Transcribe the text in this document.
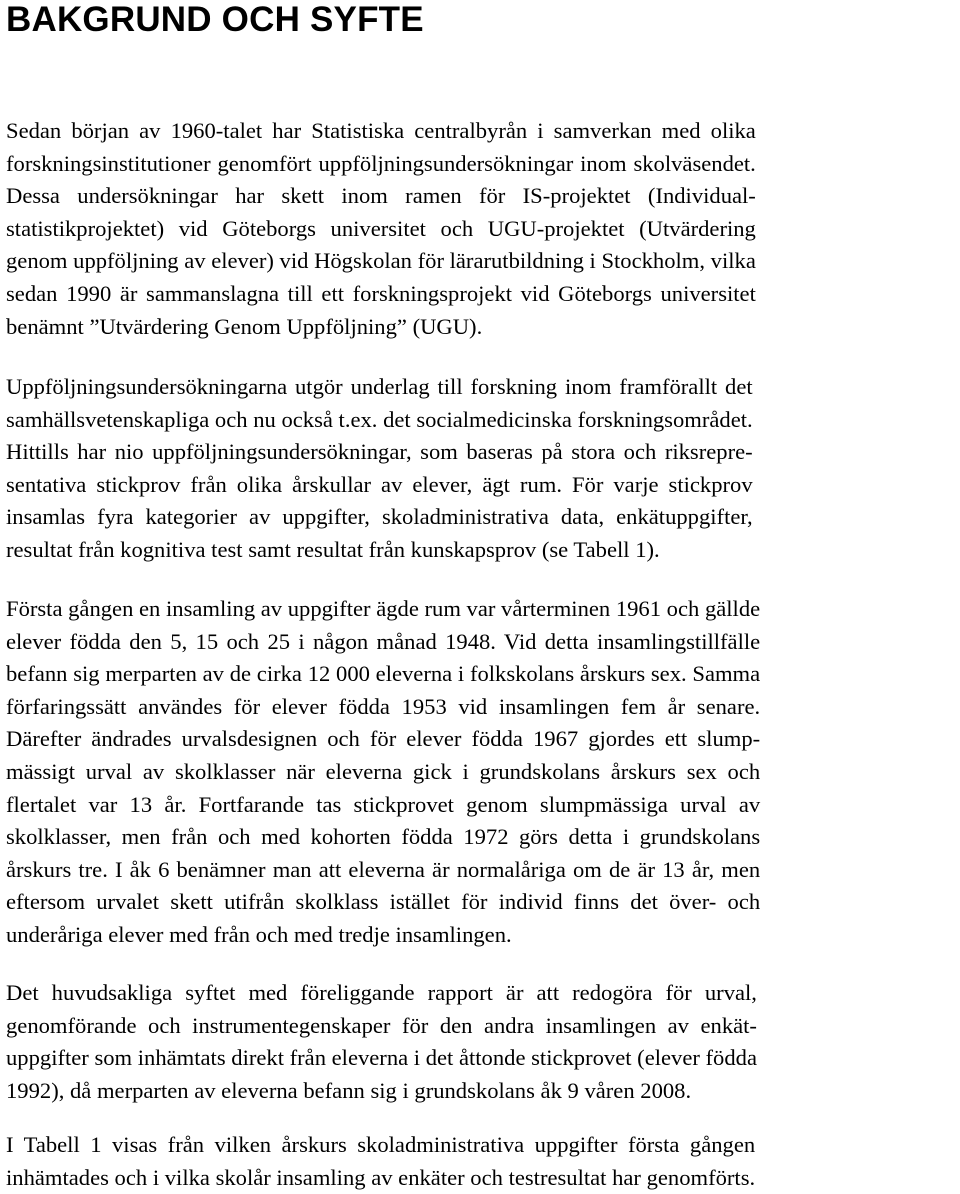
BAKGRUND OCH SYFTE

Sedan början av 1960-talet har Statistiska centralbyrån i samverkan med olika
forskningsinstitutioner genomfört uppföljningsundersökningar inom skolväsendet.
Dessa undersökningar har skett inom ramen för IS-projektet (Individual-
statistikprojektet) vid Göteborgs universitet och UGU-projektet (Utvärdering
genom uppföljning av elever) vid Högskolan för lärarutbildning i Stockholm, vilka
sedan 1990 är sammanslagna till ett forskningsprojekt vid Göteborgs universitet
benämnt ”Utvärdering Genom Uppföljning” (UGU).

Uppföljningsundersökningarna utgör underlag till forskning inom framförallt det
samhällsvetenskapliga och nu också t.ex. det socialmedicinska forskningsområdet.
Hittills har nio uppföljningsundersökningar, som baseras på stora och riksrepre-
sentativa stickprov från olika årskullar av elever, ägt rum. För varje stickprov
insamlas fyra kategorier av uppgifter, skoladministrativa data, enkätuppgifter,
resultat från kognitiva test samt resultat från kunskapsprov (se Tabell 1).

Första gången en insamling av uppgifter ägde rum var vårterminen 1961 och gällde
elever födda den 5, 15 och 25 i någon månad 1948. Vid detta insamlingstillfälle
befann sig merparten av de cirka 12 000 eleverna i folkskolans årskurs sex. Samma
förfaringssätt användes för elever födda 1953 vid insamlingen fem år senare.
Därefter ändrades urvalsdesignen och för elever födda 1967 gjordes ett slump-
mässigt urval av skolklasser när eleverna gick i grundskolans årskurs sex och
flertalet var 13 år. Fortfarande tas stickprovet genom slumpmässiga urval av
skolklasser, men från och med kohorten födda 1972 görs detta i grundskolans
årskurs tre. I åk 6 benämner man att eleverna är normalåriga om de är 13 år, men
eftersom urvalet skett utifrån skolklass istället för individ finns det över- och
underåriga elever med från och med tredje insamlingen.

Det huvudsakliga syftet med föreliggande rapport är att redogöra för urval,
genomförande och instrumentegenskaper för den andra insamlingen av enkät-
uppgifter som inhämtats direkt från eleverna i det åttonde stickprovet (elever födda
1992), då merparten av eleverna befann sig i grundskolans åk 9 våren 2008.

I Tabell 1 visas från vilken årskurs skoladministrativa uppgifter första gången
inhämtades och i vilka skolår insamling av enkäter och testresultat har genomförts.
